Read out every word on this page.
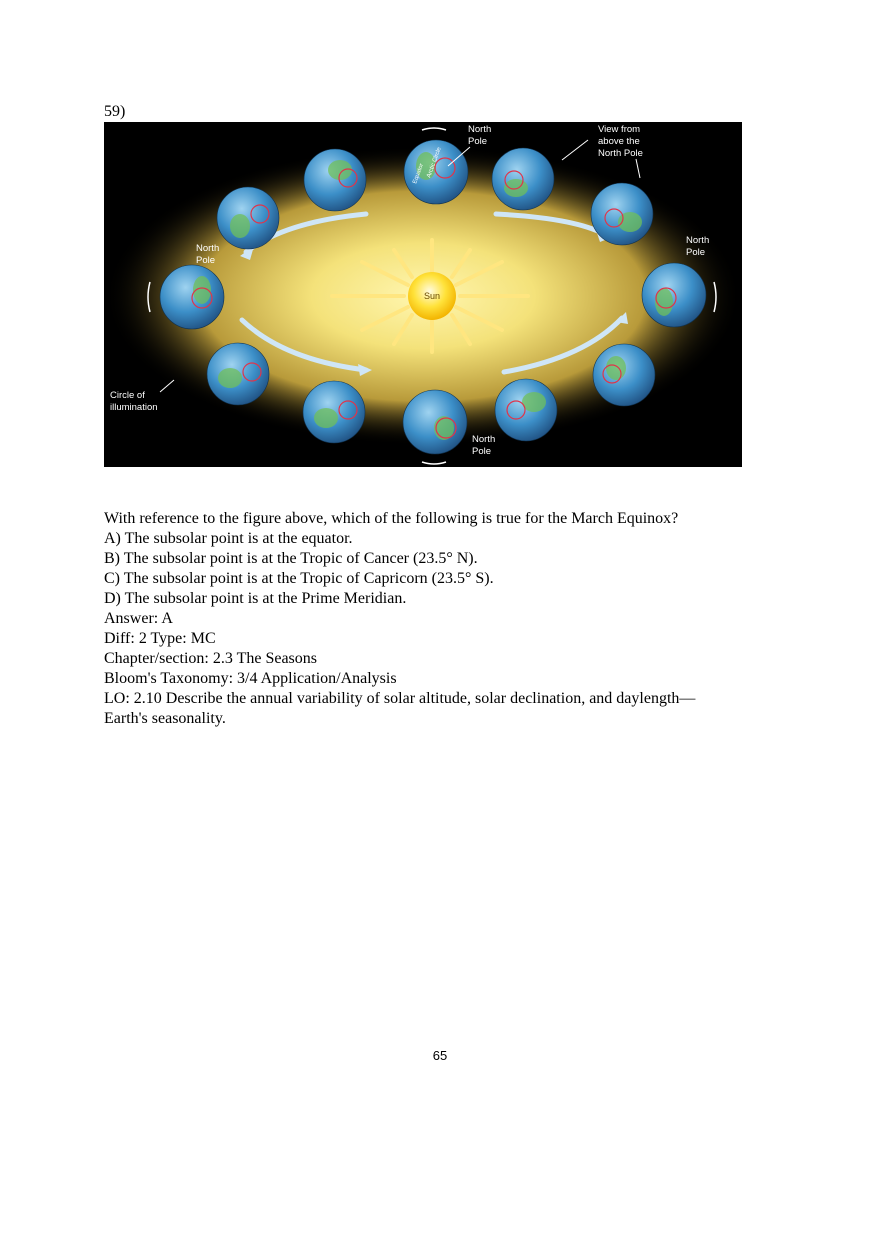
59)
Sun
Equator Arctic Circle
North
Pole
View from
above the
North Pole
North
Pole
North
Pole
North
Pole
Circle of
illumination
With reference to the figure above, which of the following is true for the March Equinox?
A) The subsolar point is at the equator.
B) The subsolar point is at the Tropic of Cancer (23.5° N).
C) The subsolar point is at the Tropic of Capricorn (23.5° S).
D) The subsolar point is at the Prime Meridian.
Answer: A
Diff: 2 Type: MC
Chapter/section: 2.3 The Seasons
Bloom's Taxonomy: 3/4 Application/Analysis
LO: 2.10 Describe the annual variability of solar altitude, solar declination, and daylength—
Earth's seasonality.
65
